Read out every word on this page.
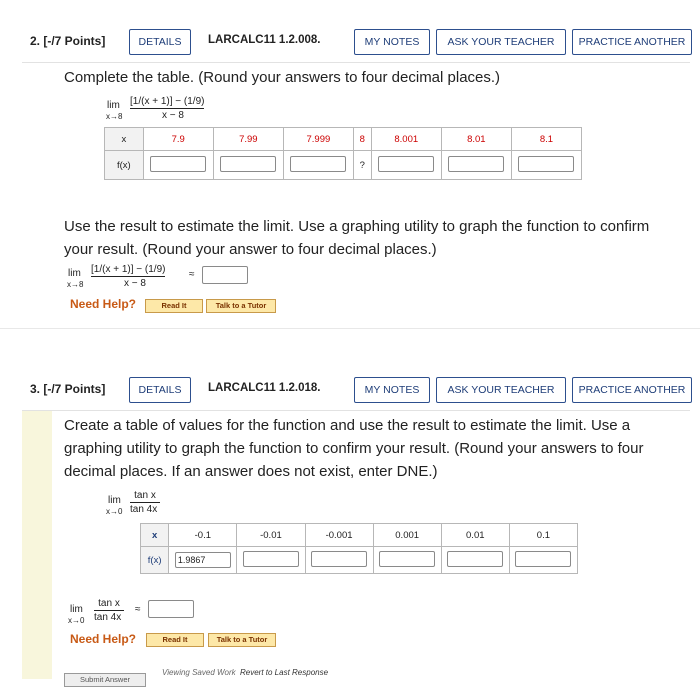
2. [-/7 Points]	DETAILS	LARCALC11 1.2.008.	MY NOTES	ASK YOUR TEACHER	PRACTICE ANOTHER
Complete the table. (Round your answers to four decimal places.)
lim
x→8
[1/(x + 1)] − (1/9)
x − 8
x	7.9	7.99	7.999	8	8.001	8.01	8.1
f(x)				?			
Use the result to estimate the limit. Use a graphing utility to graph the function to confirm your result. (Round your answer to four decimal places.)
lim
x→8
[1/(x + 1)] − (1/9)
x − 8
≈
Need Help?	Read It	Talk to a Tutor
3. [-/7 Points]	DETAILS	LARCALC11 1.2.018.	MY NOTES	ASK YOUR TEACHER	PRACTICE ANOTHER
Create a table of values for the function and use the result to estimate the limit. Use a graphing utility to graph the function to confirm your result. (Round your answers to four decimal places. If an answer does not exist, enter DNE.)
lim
x→0
tan x
tan 4x
x	-0.1	-0.01	-0.001	0.001	0.01	0.1
f(x)	1.9867					
lim
x→0
tan x
tan 4x
≈
Need Help?	Read It	Talk to a Tutor
Submit Answer
Viewing Saved Work Revert to Last Response
